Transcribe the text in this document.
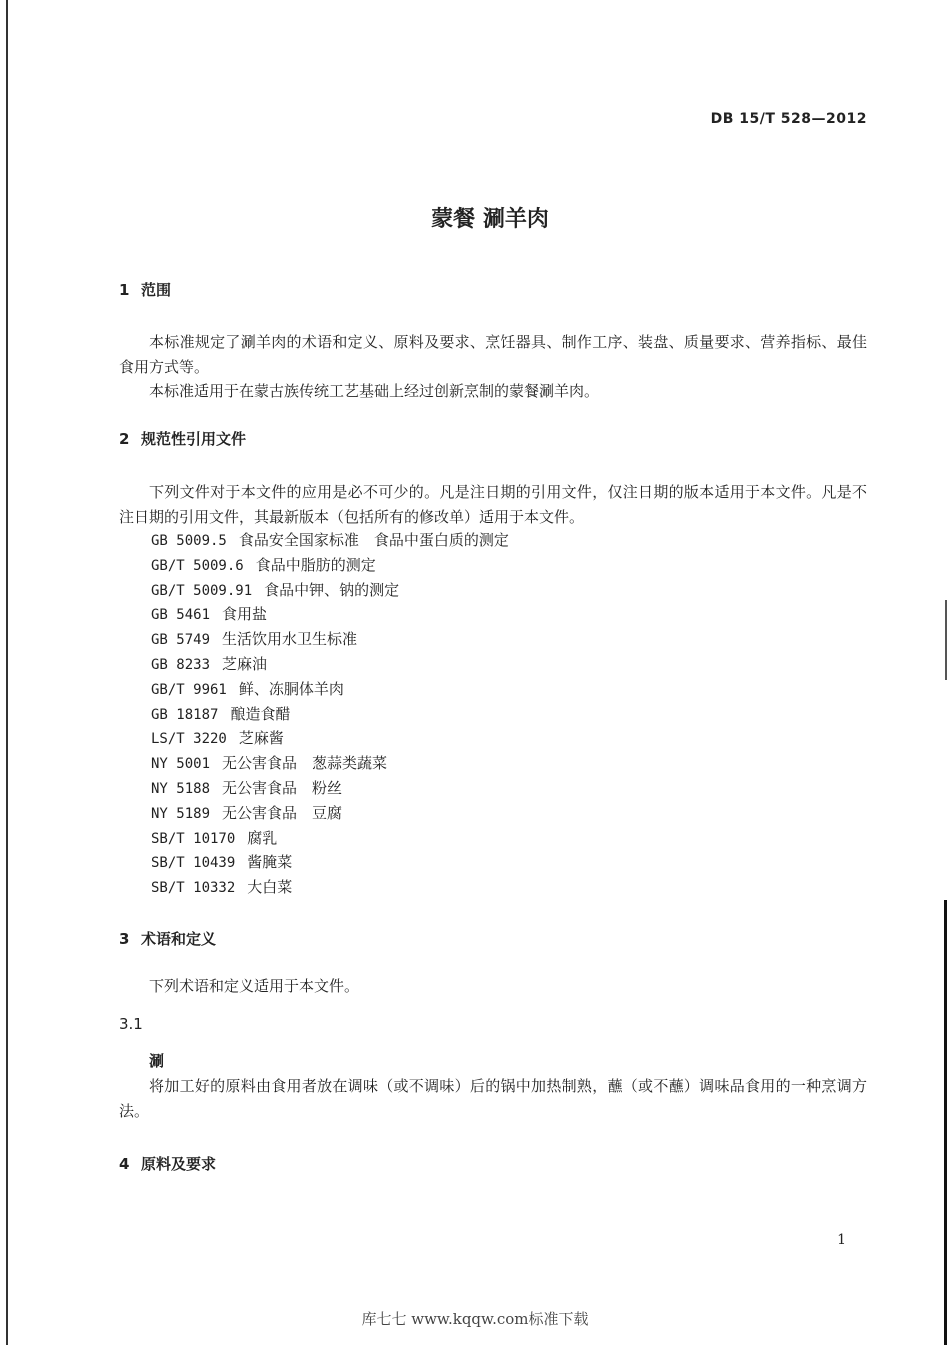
DB 15/T 528—2012
蒙餐 涮羊肉
1 范围

本标准规定了涮羊肉的术语和定义、原料及要求、烹饪器具、制作工序、装盘、质量要求、营养指标、最佳食用方式等。

本标准适用于在蒙古族传统工艺基础上经过创新烹制的蒙餐涮羊肉。

2 规范性引用文件

下列文件对于本文件的应用是必不可少的。凡是注日期的引用文件，仅注日期的版本适用于本文件。凡是不注日期的引用文件，其最新版本（包括所有的修改单）适用于本文件。

GB 5009.5 食品安全国家标准　食品中蛋白质的测定
GB/T 5009.6 食品中脂肪的测定
GB/T 5009.91 食品中钾、钠的测定
GB 5461 食用盐
GB 5749 生活饮用水卫生标准
GB 8233 芝麻油
GB/T 9961 鲜、冻胴体羊肉
GB 18187 酿造食醋
LS/T 3220 芝麻酱
NY 5001 无公害食品　葱蒜类蔬菜
NY 5188 无公害食品　粉丝
NY 5189 无公害食品　豆腐
SB/T 10170 腐乳
SB/T 10439 酱腌菜
SB/T 10332 大白菜
3 术语和定义

下列术语和定义适用于本文件。

3.1
涮

将加工好的原料由食用者放在调味（或不调味）后的锅中加热制熟，蘸（或不蘸）调味品食用的一种烹调方法。

4 原料及要求
1
库七七 www.kqqw.com标准下载
